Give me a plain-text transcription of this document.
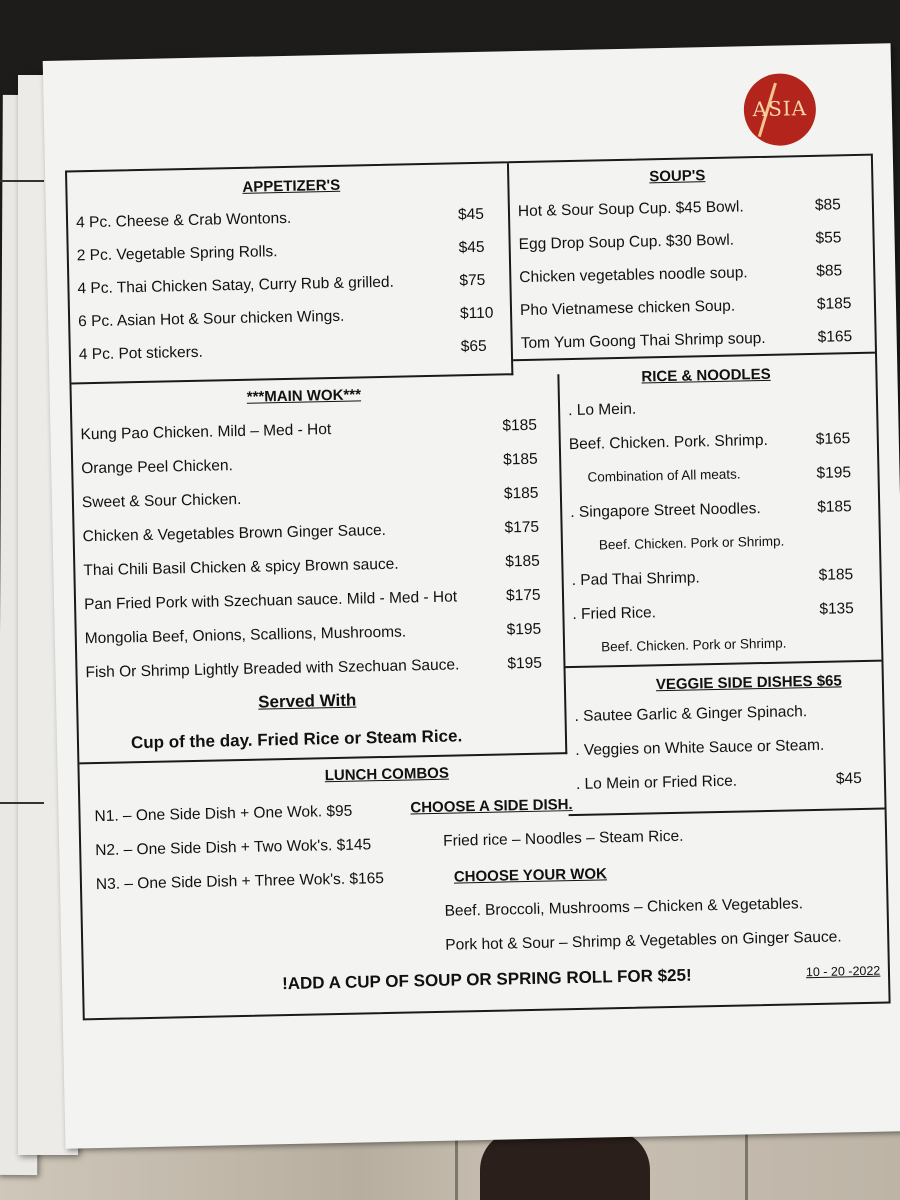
ASIA
APPETIZER'S
4 Pc. Cheese & Crab Wontons.	$45
2 Pc. Vegetable Spring Rolls.	$45
4 Pc. Thai Chicken Satay, Curry Rub & grilled.	$75
6 Pc. Asian Hot & Sour chicken Wings.	$110
4 Pc. Pot stickers.	$65
SOUP'S
Hot & Sour Soup Cup. $45 Bowl.	$85
Egg Drop Soup Cup. $30 Bowl.	$55
Chicken vegetables noodle soup.	$85
Pho Vietnamese chicken Soup.	$185
Tom Yum Goong Thai Shrimp soup.	$165
***MAIN WOK***
Kung Pao Chicken. Mild – Med - Hot	$185
Orange Peel Chicken.	$185
Sweet & Sour Chicken.	$185
Chicken & Vegetables Brown Ginger Sauce.	$175
Thai Chili Basil Chicken & spicy Brown sauce.	$185
Pan Fried Pork with Szechuan sauce. Mild - Med - Hot	$175
Mongolia Beef, Onions, Scallions, Mushrooms.	$195
Fish Or Shrimp Lightly Breaded with Szechuan Sauce.	$195
Served With
Cup of the day. Fried Rice or Steam Rice.
RICE & NOODLES
. Lo Mein.
Beef. Chicken. Pork. Shrimp.	$165
Combination of All meats.	$195
. Singapore Street Noodles.	$185
Beef. Chicken. Pork or Shrimp.
. Pad Thai Shrimp.	$185
. Fried Rice.	$135
Beef. Chicken. Pork or Shrimp.
VEGGIE SIDE DISHES $65
. Sautee Garlic & Ginger Spinach.
. Veggies on White Sauce or Steam.
. Lo Mein or Fried Rice.	$45
LUNCH COMBOS
N1. – One Side Dish + One Wok. $95
N2. – One Side Dish + Two Wok's. $145
N3. – One Side Dish + Three Wok's. $165
CHOOSE A SIDE DISH.
Fried rice – Noodles – Steam Rice.
CHOOSE YOUR WOK
Beef. Broccoli, Mushrooms – Chicken & Vegetables.
Pork hot & Sour – Shrimp & Vegetables on Ginger Sauce.
!ADD A CUP OF SOUP OR SPRING ROLL FOR $25!	10 - 20 -2022
